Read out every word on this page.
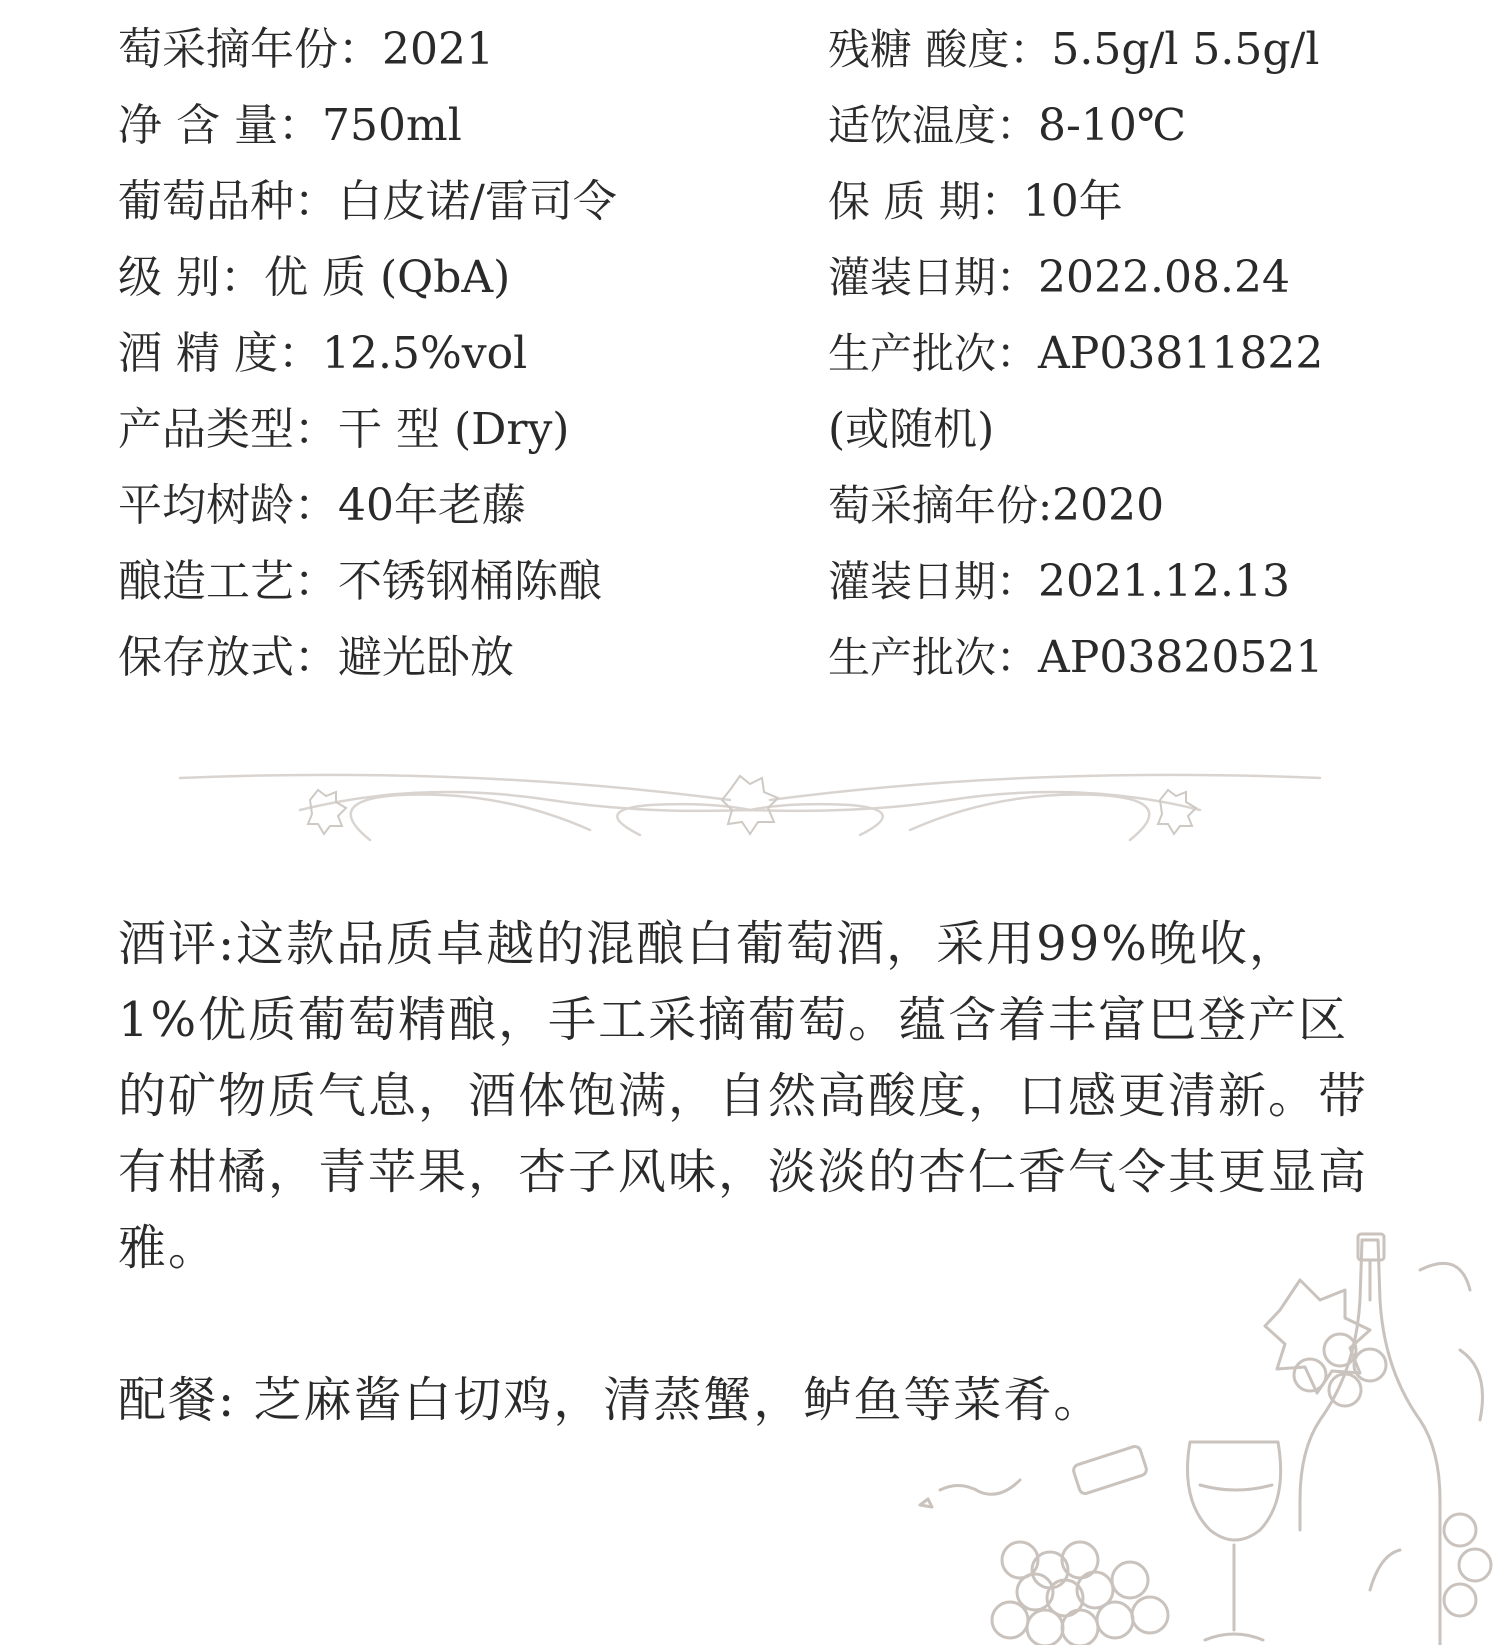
萄采摘年份：2021
净 含 量：750ml
葡萄品种：白皮诺/雷司令
级 别：优 质 (QbA)
酒 精 度：12.5%vol
产品类型：干 型 (Dry)
平均树龄：40年老藤
酿造工艺：不锈钢桶陈酿
保存放式：避光卧放
残糖 酸度：5.5g/l 5.5g/l
适饮温度：8-10℃
保 质 期：10年
灌装日期：2022.08.24
生产批次：AP03811822
(或随机)
萄采摘年份:2020
灌装日期：2021.12.13
生产批次：AP03820521
酒评:这款品质卓越的混酿白葡萄酒，采用99%晚收，1%优质葡萄精酿，手工采摘葡萄。蕴含着丰富巴登产区的矿物质气息，酒体饱满，自然高酸度，口感更清新。带有柑橘，青苹果，杏子风味，淡淡的杏仁香气令其更显高雅。
配餐: 芝麻酱白切鸡，清蒸蟹，鲈鱼等菜肴。
